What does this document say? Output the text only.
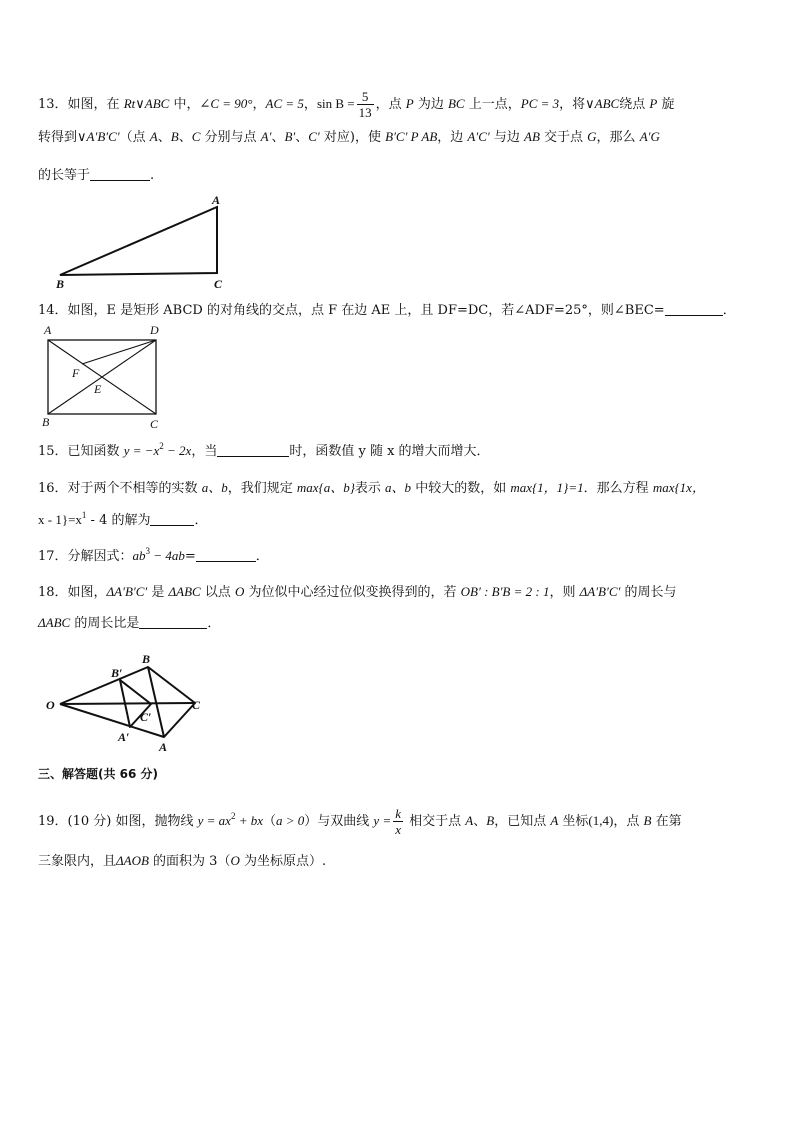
13．如图，在 Rt∨ABC 中，∠C = 90°，AC = 5，$\sin B = \frac{5}{13}$ ，点 P 为边 BC 上一点，PC = 3，将∨ABC绕点 P 旋
转得到∨A′B′C′（点 A、B、C 分别与点 A′、B′、C′ 对应)，使 B′C′ P AB，边 A′C′ 与边 AB 交于点 G，那么 A′G
的长等于	.
A
B	C
14．如图，E 是矩形 ABCD 的对角线的交点，点 F 在边 AE 上，且 DF=DC，若∠ADF=25°，则∠BEC=	．
A	D
B	C
F
E
15．已知函数 $y = -x^2 - 2x$，当	时，函数值 y 随 x 的增大而增大．
16．对于两个不相等的实数 a、b，我们规定 max{a、b}表示 a、b 中较大的数，如 max{1，1}=1．那么方程 max{1x，
$x - 1\}=x^1 - 4$ 的解为	．
17．分解因式：$ab^3 - 4ab=$	．
18．如图，ΔA′B′C′ 是 ΔABC 以点 O 为位似中心经过位似变换得到的，若 OB′ : B′B = 2 : 1，则 ΔA′B′C′ 的周长与
ΔABC 的周长比是	．
O
B
C
A
B′
C′
A′
三、解答题(共 66 分)
19．(10 分) 如图，抛物线 $y = ax^2 + bx(a > 0)$与双曲线 $y = \frac{k}{x}$ 相交于点 A、B，已知点 A 坐标(1,4)，点 B 在第
三象限内，且ΔAOB 的面积为 3（O 为坐标原点）.
